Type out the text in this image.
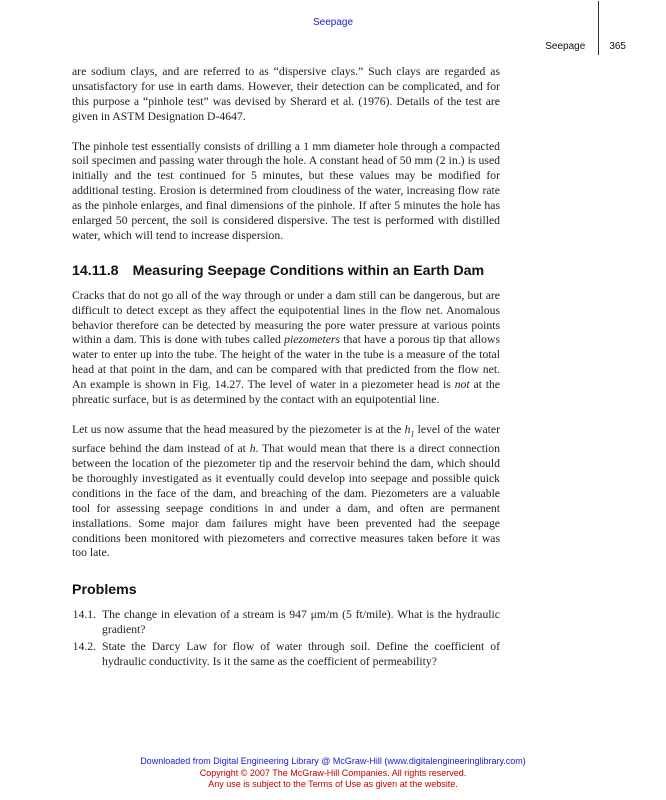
Seepage
Seepage 365

are sodium clays, and are referred to as “dispersive clays.” Such clays are regarded as unsatisfactory for use in earth dams. However, their detection can be complicated, and for this purpose a “pinhole test” was devised by Sherard et al. (1976). Details of the test are given in ASTM Designation D-4647.

The pinhole test essentially consists of drilling a 1 mm diameter hole through a compacted soil specimen and passing water through the hole. A constant head of 50 mm (2 in.) is used initially and the test continued for 5 minutes, but these values may be modified for additional testing. Erosion is determined from cloudiness of the water, increasing flow rate as the pinhole enlarges, and final dimensions of the pinhole. If after 5 minutes the hole has enlarged 50 percent, the soil is considered dispersive. The test is performed with distilled water, which will tend to increase dispersion.

14.11.8 Measuring Seepage Conditions within an Earth Dam

Cracks that do not go all of the way through or under a dam still can be dangerous, but are difficult to detect except as they affect the equipotential lines in the flow net. Anomalous behavior therefore can be detected by measuring the pore water pressure at various points within a dam. This is done with tubes called piezometers that have a porous tip that allows water to enter up into the tube. The height of the water in the tube is a measure of the total head at that point in the dam, and can be compared with that predicted from the flow net. An example is shown in Fig. 14.27. The level of water in a piezometer head is not at the phreatic surface, but is as determined by the contact with an equipotential line.

Let us now assume that the head measured by the piezometer is at the $h_1$ level of the water surface behind the dam instead of at h. That would mean that there is a direct connection between the location of the piezometer tip and the reservoir behind the dam, which should be thoroughly investigated as it eventually could develop into seepage and possible quick conditions in the face of the dam, and breaching of the dam. Piezometers are a valuable tool for assessing seepage conditions in and under a dam, and often are permanent installations. Some major dam failures might have been prevented had the seepage conditions been monitored with piezometers and corrective measures taken before it was too late.

Problems
14.1. The change in elevation of a stream is 947 μm/m (5 ft/mile). What is the hydraulic gradient?
14.2. State the Darcy Law for flow of water through soil. Define the coefficient of hydraulic conductivity. Is it the same as the coefficient of permeability?
Downloaded from Digital Engineering Library @ McGraw-Hill (www.digitalengineeringlibrary.com)
Copyright © 2007 The McGraw-Hill Companies. All rights reserved.
Any use is subject to the Terms of Use as given at the website.
